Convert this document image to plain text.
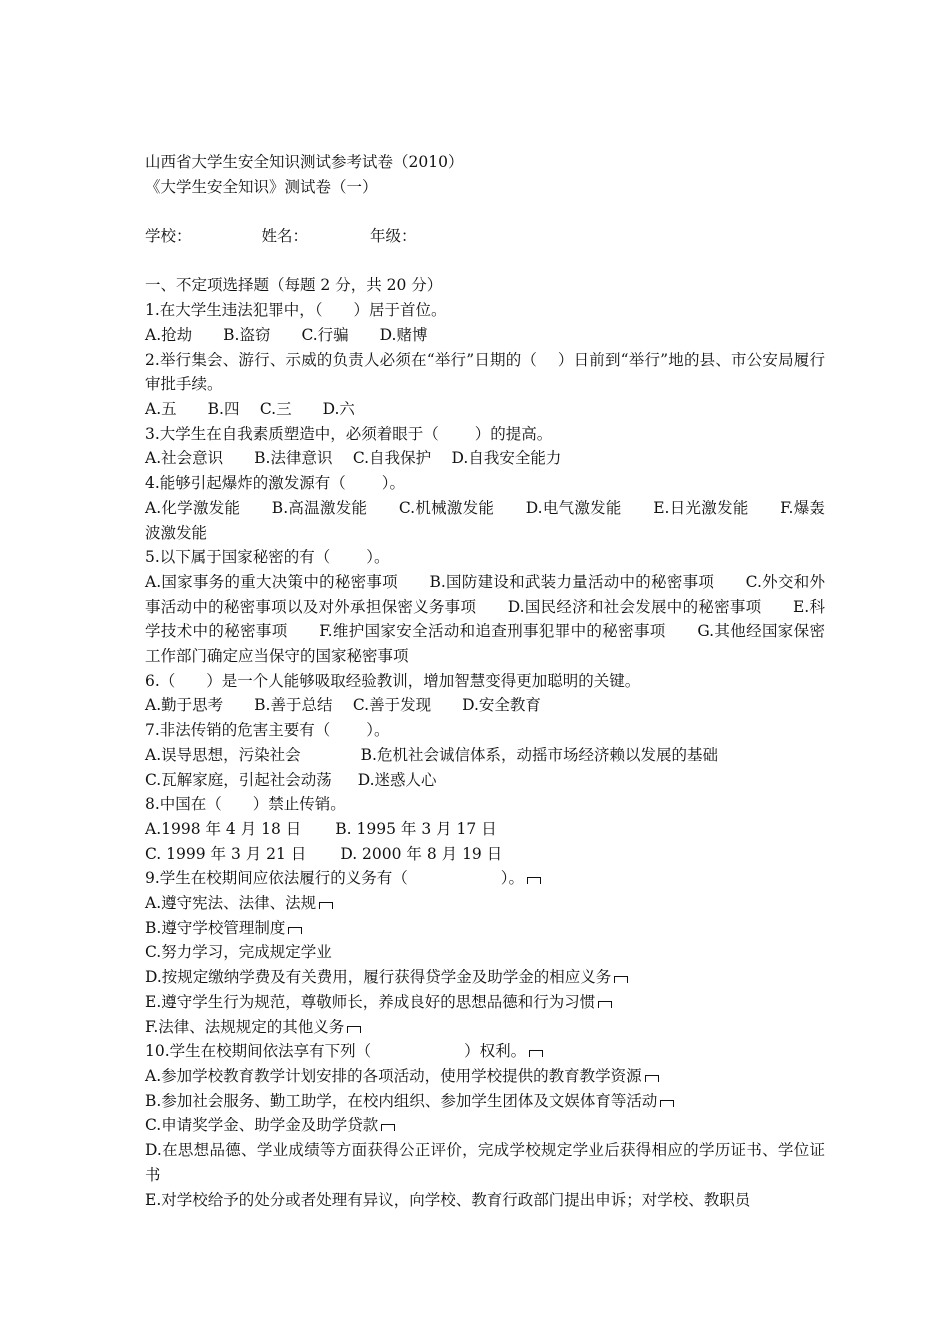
山西省大学生安全知识测试参考试卷（2010）
《大学生安全知识》测试卷（一）
学校：	姓名：	年级：
一、不定项选择题（每题 2 分，共 20 分）
1.在大学生违法犯罪中，（　　）居于首位。
A.抢劫　　B.盗窃　　C.行骗　　D.赌博
2.举行集会、游行、示威的负责人必须在“举行”日期的（　 ）日前到“举行”地的县、市公安局履行审批手续。
A.五　　B.四　 C.三　　D.六
3.大学生在自我素质塑造中，必须着眼于（　　 ）的提高。
A.社会意识　　B.法律意识　 C.自我保护　 D.自我安全能力
4.能够引起爆炸的激发源有（　　 ）。
A.化学激发能　　B.高温激发能　　C.机械激发能　　D.电气激发能　　E.日光激发能　　F.爆轰波激发能
5.以下属于国家秘密的有（　　 ）。
A.国家事务的重大决策中的秘密事项　　B.国防建设和武装力量活动中的秘密事项　　C.外交和外事活动中的秘密事项以及对外承担保密义务事项　　D.国民经济和社会发展中的秘密事项　　E.科学技术中的秘密事项　　F.维护国家安全活动和追查刑事犯罪中的秘密事项　　G.其他经国家保密工作部门确定应当保守的国家秘密事项
6.（　　）是一个人能够吸取经验教训，增加智慧变得更加聪明的关键。
A.勤于思考　　B.善于总结　 C.善于发现　　D.安全教育
7.非法传销的危害主要有（　　 ）。
A.误导思想，污染社会	B.危机社会诚信体系，动摇市场经济赖以发展的基础
C.瓦解家庭，引起社会动荡 D.迷惑人心
8.中国在（　　）禁止传销。
A.1998 年 4 月 18 日 B. 1995 年 3 月 17 日
C. 1999 年 3 月 21 日 D. 2000 年 8 月 19 日
9.学生在校期间应依法履行的义务有（　　　　　　）。
A.遵守宪法、法律、法规
B.遵守学校管理制度
C.努力学习，完成规定学业
D.按规定缴纳学费及有关费用，履行获得贷学金及助学金的相应义务
E.遵守学生行为规范，尊敬师长，养成良好的思想品德和行为习惯
F.法律、法规规定的其他义务
10.学生在校期间依法享有下列（　　　　　　）权利。
A.参加学校教育教学计划安排的各项活动，使用学校提供的教育教学资源
B.参加社会服务、勤工助学，在校内组织、参加学生团体及文娱体育等活动
C.申请奖学金、助学金及助学贷款
D.在思想品德、学业成绩等方面获得公正评价，完成学校规定学业后获得相应的学历证书、学位证书
E.对学校给予的处分或者处理有异议，向学校、教育行政部门提出申诉；对学校、教职员
